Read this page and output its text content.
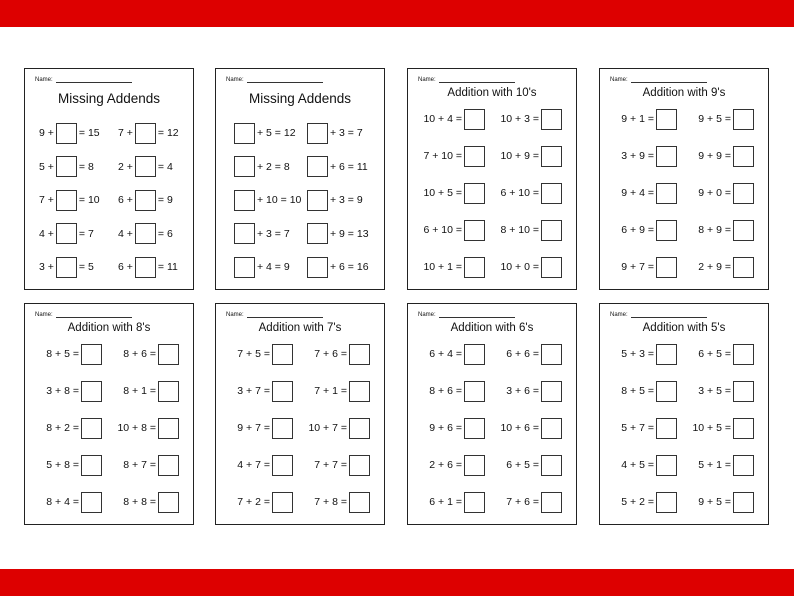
Name:
Missing Addends
9 + = 15 7 + = 12
5 + = 8 2 + = 4
7 + = 10 6 + = 9
4 + = 7 4 + = 6
3 + = 5 6 + = 11
Name:
Missing Addends
+ 5 = 12	+ 3 = 7
+ 2 = 8	+ 6 = 11
+ 10 = 10	+ 3 = 9
+ 3 = 7	+ 9 = 13
+ 4 = 9	+ 6 = 16
Name:
Addition with 10's
10 + 4 =	10 + 3 =
7 + 10 =	10 + 9 =
10 + 5 =	6 + 10 =
6 + 10 =	8 + 10 =
10 + 1 =	10 + 0 =
Name:
Addition with 9's
9 + 1 =	9 + 5 =
3 + 9 =	9 + 9 =
9 + 4 =	9 + 0 =
6 + 9 =	8 + 9 =
9 + 7 =	2 + 9 =
Name:
Addition with 8's
8 + 5 =	8 + 6 =
3 + 8 =	8 + 1 =
8 + 2 =	10 + 8 =
5 + 8 =	8 + 7 =
8 + 4 =	8 + 8 =
Name:
Addition with 7's
7 + 5 =	7 + 6 =
3 + 7 =	7 + 1 =
9 + 7 =	10 + 7 =
4 + 7 =	7 + 7 =
7 + 2 =	7 + 8 =
Name:
Addition with 6's
6 + 4 =	6 + 6 =
8 + 6 =	3 + 6 =
9 + 6 =	10 + 6 =
2 + 6 =	6 + 5 =
6 + 1 =	7 + 6 =
Name:
Addition with 5's
5 + 3 =	6 + 5 =
8 + 5 =	3 + 5 =
5 + 7 =	10 + 5 =
4 + 5 =	5 + 1 =
5 + 2 =	9 + 5 =
